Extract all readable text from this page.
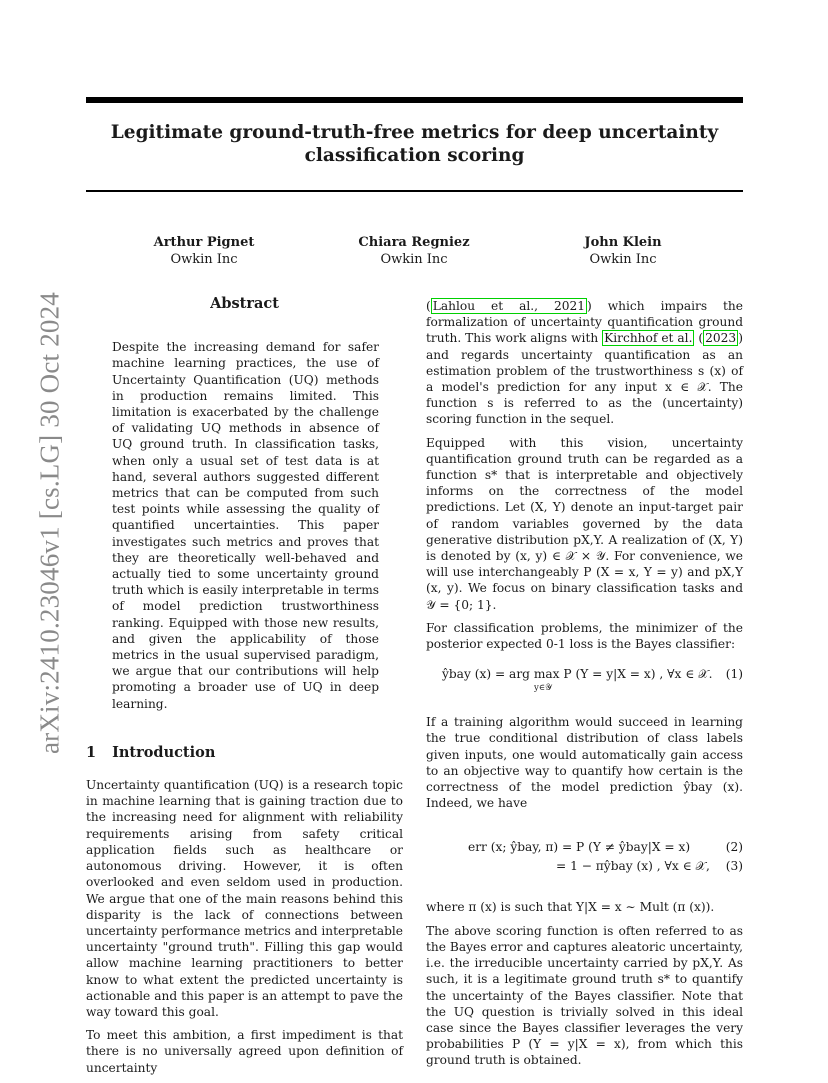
arXiv:2410.23046v1 [cs.LG] 30 Oct 2024
Legitimate ground-truth-free metrics for deep uncertainty classification scoring
Arthur Pignet
Owkin Inc
Chiara Regniez
Owkin Inc
John Klein
Owkin Inc
Abstract
Despite the increasing demand for safer machine learning practices, the use of Uncertainty Quantification (UQ) methods in production remains limited. This limitation is exacerbated by the challenge of validating UQ methods in absence of UQ ground truth. In classification tasks, when only a usual set of test data is at hand, several authors suggested different metrics that can be computed from such test points while assessing the quality of quantified uncertainties. This paper investigates such metrics and proves that they are theoretically well-behaved and actually tied to some uncertainty ground truth which is easily interpretable in terms of model prediction trustworthiness ranking. Equipped with those new results, and given the applicability of those metrics in the usual supervised paradigm, we argue that our contributions will help promoting a broader use of UQ in deep learning.
1 Introduction

Uncertainty quantification (UQ) is a research topic in machine learning that is gaining traction due to the increasing need for alignment with reliability requirements arising from safety critical application fields such as healthcare or autonomous driving. However, it is often overlooked and even seldom used in production. We argue that one of the main reasons behind this disparity is the lack of connections between uncertainty performance metrics and interpretable uncertainty "ground truth". Filling this gap would allow machine learning practitioners to better know to what extent the predicted uncertainty is actionable and this paper is an attempt to pave the way toward this goal.

To meet this ambition, a first impediment is that there is no universally agreed upon definition of uncertainty

( Lahlou et al., 2021 ) which impairs the formalization of uncertainty quantification ground truth. This work aligns with Kirchhof et al. ( 2023 ) and regards uncertainty quantification as an estimation problem of the trustworthiness s (x) of a model's prediction for any input x ∈ 𝒳. The function s is referred to as the (uncertainty) scoring function in the sequel.

Equipped with this vision, uncertainty quantification ground truth can be regarded as a function s* that is interpretable and objectively informs on the correctness of the model predictions. Let (X, Y) denote an input-target pair of random variables governed by the data generative distribution pX,Y. A realization of (X, Y) is denoted by (x, y) ∈ 𝒳 × 𝒴. For convenience, we will use interchangeably P (X = x, Y = y) and pX,Y (x, y). We focus on binary classification tasks and 𝒴 = {0; 1}.

For classification problems, the minimizer of the posterior expected 0-1 loss is the Bayes classifier:

ŷbay (x) = arg max P (Y = y|X = x) , ∀x ∈ 𝒳.
y∈𝒴
(1)

If a training algorithm would succeed in learning the true conditional distribution of class labels given inputs, one would automatically gain access to an objective way to quantify how certain is the correctness of the model prediction ŷbay (x). Indeed, we have

err (x; ŷbay, π) = P (Y ≠ ŷbay|X = x)	(2)
= 1 − πŷbay (x) , ∀x ∈ 𝒳, (3)

where π (x) is such that Y|X = x ∼ Mult (π (x)).

The above scoring function is often referred to as the Bayes error and captures aleatoric uncertainty, i.e. the irreducible uncertainty carried by pX,Y. As such, it is a legitimate ground truth s* to quantify the uncertainty of the Bayes classifier. Note that the UQ question is trivially solved in this ideal case since the Bayes classifier leverages the very probabilities P (Y = y|X = x), from which this ground truth is obtained.
